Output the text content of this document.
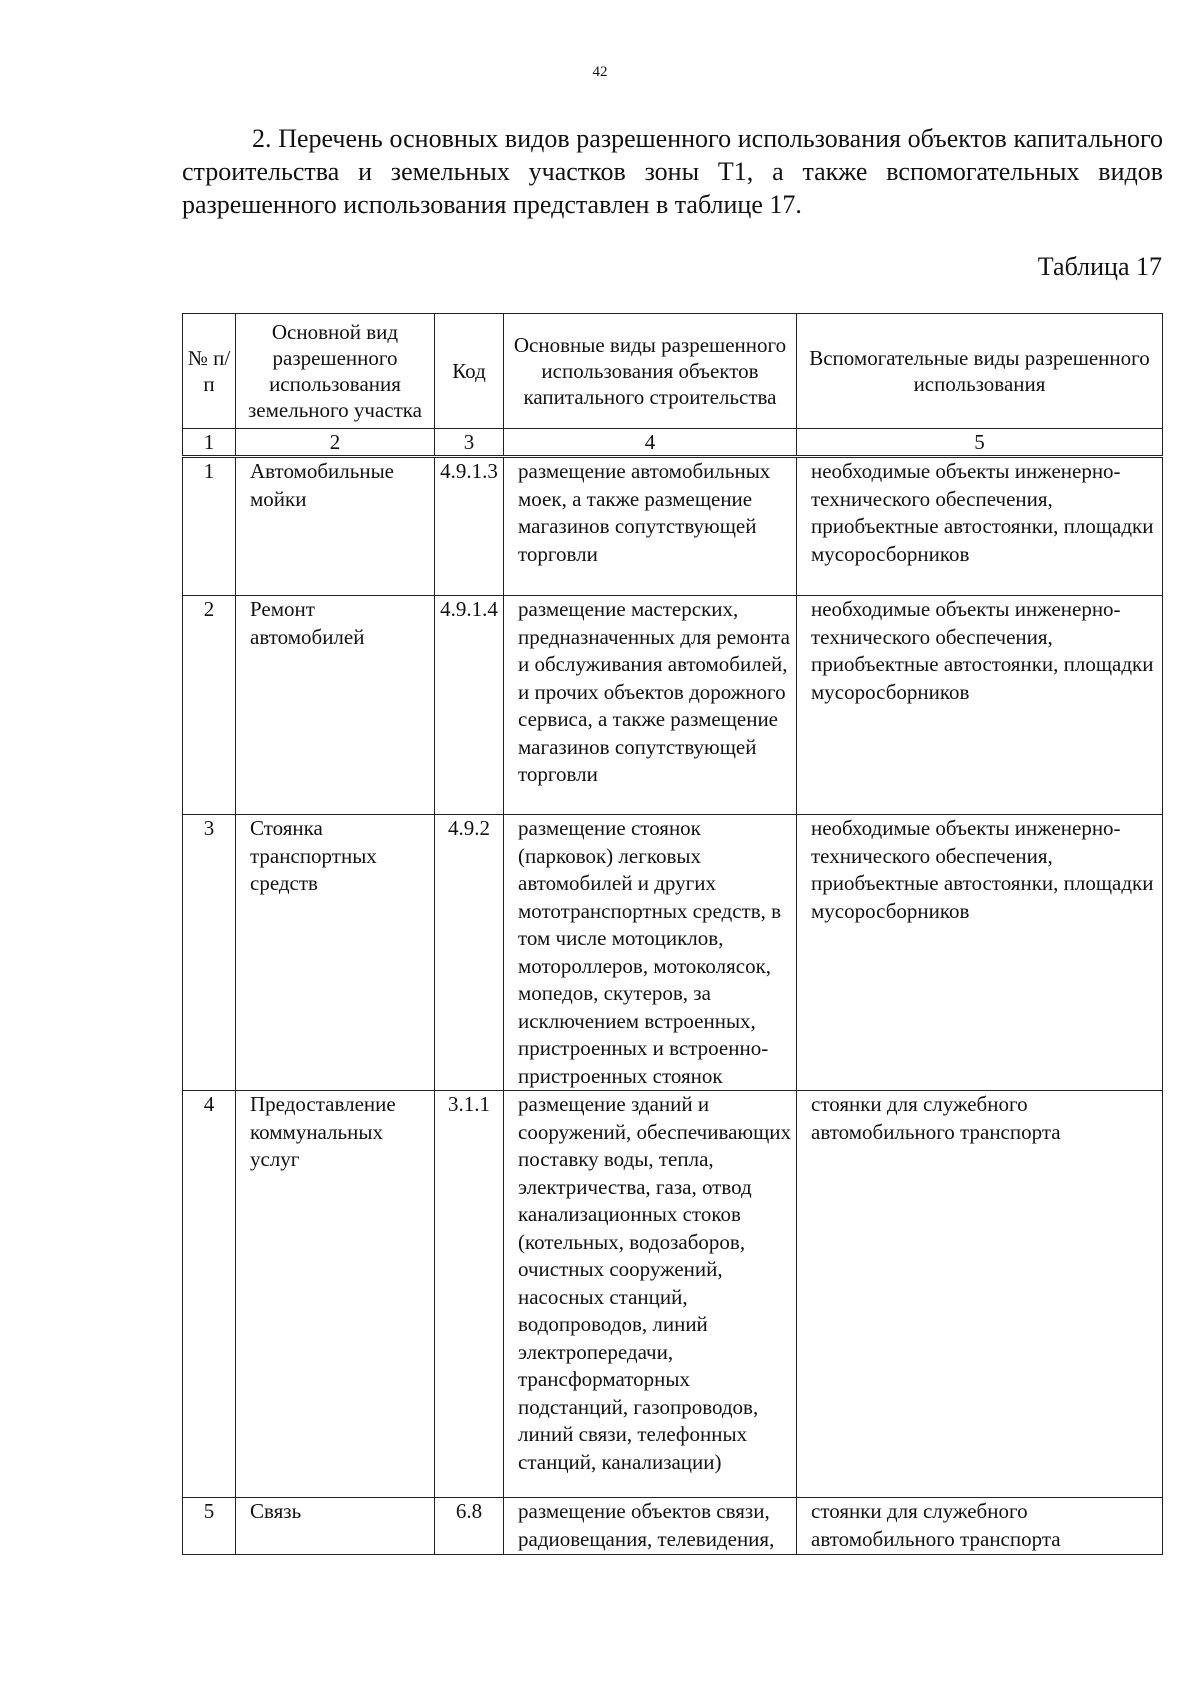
42

2. Перечень основных видов разрешенного использования объектов капитального строительства и земельных участков зоны Т1, а также вспомогательных видов разрешенного использования представлен в таблице 17.

Таблица 17
№ п/п	Основной вид разрешенного использования земельного участка	Код	Основные виды разрешенного использования объектов капитального строительства	Вспомогательные виды разрешенного использования
1	2	3	4	5
1	Автомобильные мойки	4.9.1.3	размещение автомобильных моек, а также размещение магазинов сопутствующей торговли	необходимые объекты инженерно-технического обеспечения, приобъектные автостоянки, площадки мусоросборников
2	Ремонт автомобилей	4.9.1.4	размещение мастерских, предназначенных для ремонта и обслуживания автомобилей, и прочих объектов дорожного сервиса, а также размещение магазинов сопутствующей торговли	необходимые объекты инженерно-технического обеспечения, приобъектные автостоянки, площадки мусоросборников
3	Стоянка транспортных средств	4.9.2	размещение стоянок (парковок) легковых автомобилей и других мототранспортных средств, в том числе мотоциклов, мотороллеров, мотоколясок, мопедов, скутеров, за исключением встроенных, пристроенных и встроенно-пристроенных стоянок	необходимые объекты инженерно-технического обеспечения, приобъектные автостоянки, площадки мусоросборников
4	Предоставление коммунальных услуг	3.1.1	размещение зданий и сооружений, обеспечивающих поставку воды, тепла, электричества, газа, отвод канализационных стоков (котельных, водозаборов, очистных сооружений, насосных станций, водопроводов, линий электропередачи, трансформаторных подстанций, газопроводов, линий связи, телефонных станций, канализации)	стоянки для служебного автомобильного транспорта
5	Связь	6.8	размещение объектов связи, радиовещания, телевидения,	стоянки для служебного автомобильного транспорта
